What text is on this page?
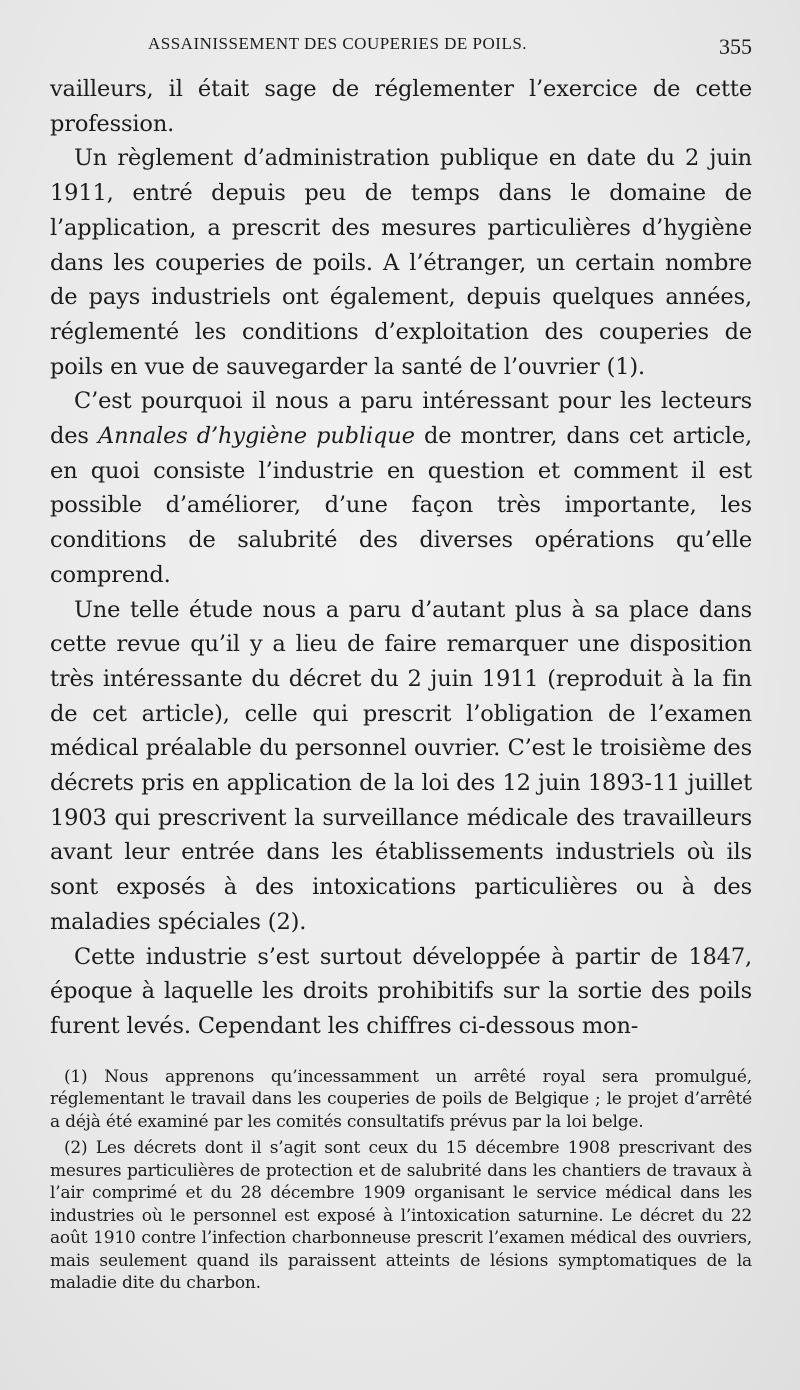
ASSAINISSEMENT DES COUPERIES DE POILS.	355

vailleurs, il était sage de réglementer l’exercice de cette profession.

Un règlement d’administration publique en date du 2 juin 1911, entré depuis peu de temps dans le domaine de l’application, a prescrit des mesures particulières d’hygiène dans les couperies de poils. A l’étranger, un certain nombre de pays industriels ont également, depuis quelques années, réglementé les conditions d’exploitation des couperies de poils en vue de sauvegarder la santé de l’ouvrier (1).

C’est pourquoi il nous a paru intéressant pour les lecteurs des Annales d’hygiène publique de montrer, dans cet article, en quoi consiste l’industrie en question et comment il est possible d’améliorer, d’une façon très importante, les conditions de salubrité des diverses opérations qu’elle comprend.

Une telle étude nous a paru d’autant plus à sa place dans cette revue qu’il y a lieu de faire remarquer une disposition très intéressante du décret du 2 juin 1911 (reproduit à la fin de cet article), celle qui prescrit l’obligation de l’examen médical préalable du personnel ouvrier. C’est le troisième des décrets pris en application de la loi des 12 juin 1893-11 juillet 1903 qui prescrivent la surveillance médicale des travailleurs avant leur entrée dans les établissements industriels où ils sont exposés à des intoxications particulières ou à des maladies spéciales (2).

Cette industrie s’est surtout développée à partir de 1847, époque à laquelle les droits prohibitifs sur la sortie des poils furent levés. Cependant les chiffres ci-dessous mon-

(1) Nous apprenons qu’incessamment un arrêté royal sera promulgué, réglementant le travail dans les couperies de poils de Belgique ; le projet d’arrêté a déjà été examiné par les comités consultatifs prévus par la loi belge.

(2) Les décrets dont il s’agit sont ceux du 15 décembre 1908 prescrivant des mesures particulières de protection et de salubrité dans les chantiers de travaux à l’air comprimé et du 28 décembre 1909 organisant le service médical dans les industries où le personnel est exposé à l’intoxication saturnine. Le décret du 22 août 1910 contre l’infection charbonneuse prescrit l’examen médical des ouvriers, mais seulement quand ils paraissent atteints de lésions symptomatiques de la maladie dite du charbon.
